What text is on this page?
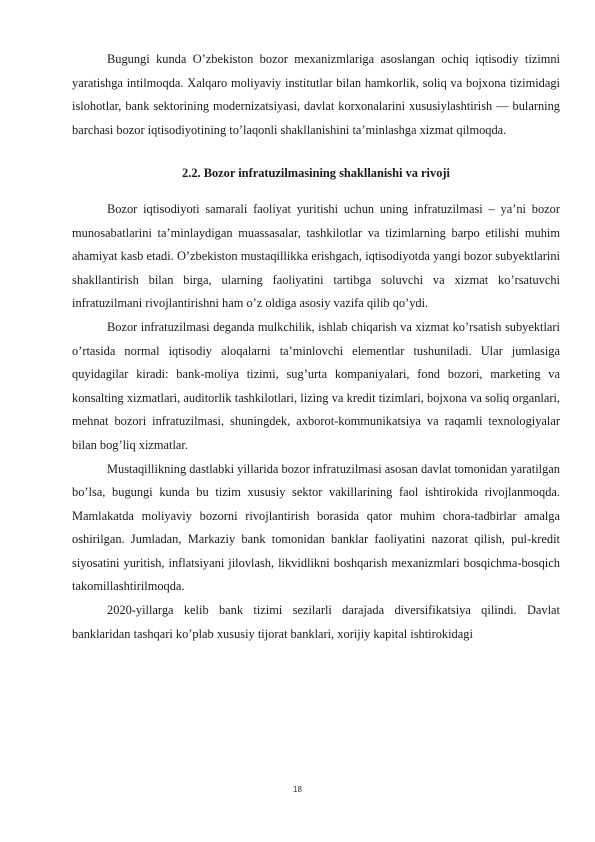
Bugungi kunda O’zbekiston bozor mexanizmlariga asoslangan ochiq iqtisodiy tizimni yaratishga intilmoqda. Xalqaro moliyaviy institutlar bilan hamkorlik, soliq va bojxona tizimidagi islohotlar, bank sektorining modernizatsiyasi, davlat korxonalarini xususiylashtirish — bularning barchasi bozor iqtisodiyotining to’laqonli shakllanishini ta’minlashga xizmat qilmoqda.

2.2. Bozor infratuzilmasining shakllanishi va rivoji

Bozor iqtisodiyoti samarali faoliyat yuritishi uchun uning infratuzilmasi – ya’ni bozor munosabatlarini ta’minlaydigan muassasalar, tashkilotlar va tizimlarning barpo etilishi muhim ahamiyat kasb etadi. O’zbekiston mustaqillikka erishgach, iqtisodiyotda yangi bozor subyektlarini shakllantirish bilan birga, ularning faoliyatini tartibga soluvchi va xizmat ko’rsatuvchi infratuzilmani rivojlantirishni ham o’z oldiga asosiy vazifa qilib qo’ydi.

Bozor infratuzilmasi deganda mulkchilik, ishlab chiqarish va xizmat ko’rsatish subyektlari o’rtasida normal iqtisodiy aloqalarni ta’minlovchi elementlar tushuniladi. Ular jumlasiga quyidagilar kiradi: bank-moliya tizimi, sug’urta kompaniyalari, fond bozori, marketing va konsalting xizmatlari, auditorlik tashkilotlari, lizing va kredit tizimlari, bojxona va soliq organlari, mehnat bozori infratuzilmasi, shuningdek, axborot-kommunikatsiya va raqamli texnologiyalar bilan bog’liq xizmatlar.

Mustaqillikning dastlabki yillarida bozor infratuzilmasi asosan davlat tomonidan yaratilgan bo’lsa, bugungi kunda bu tizim xususiy sektor vakillarining faol ishtirokida rivojlanmoqda. Mamlakatda moliyaviy bozorni rivojlantirish borasida qator muhim chora-tadbirlar amalga oshirilgan. Jumladan, Markaziy bank tomonidan banklar faoliyatini nazorat qilish, pul-kredit siyosatini yuritish, inflatsiyani jilovlash, likvidlikni boshqarish mexanizmlari bosqichma-bosqich takomillashtirilmoqda.

2020-yillarga kelib bank tizimi sezilarli darajada diversifikatsiya qilindi. Davlat banklaridan tashqari ko’plab xususiy tijorat banklari, xorijiy kapital ishtirokidagi

18
